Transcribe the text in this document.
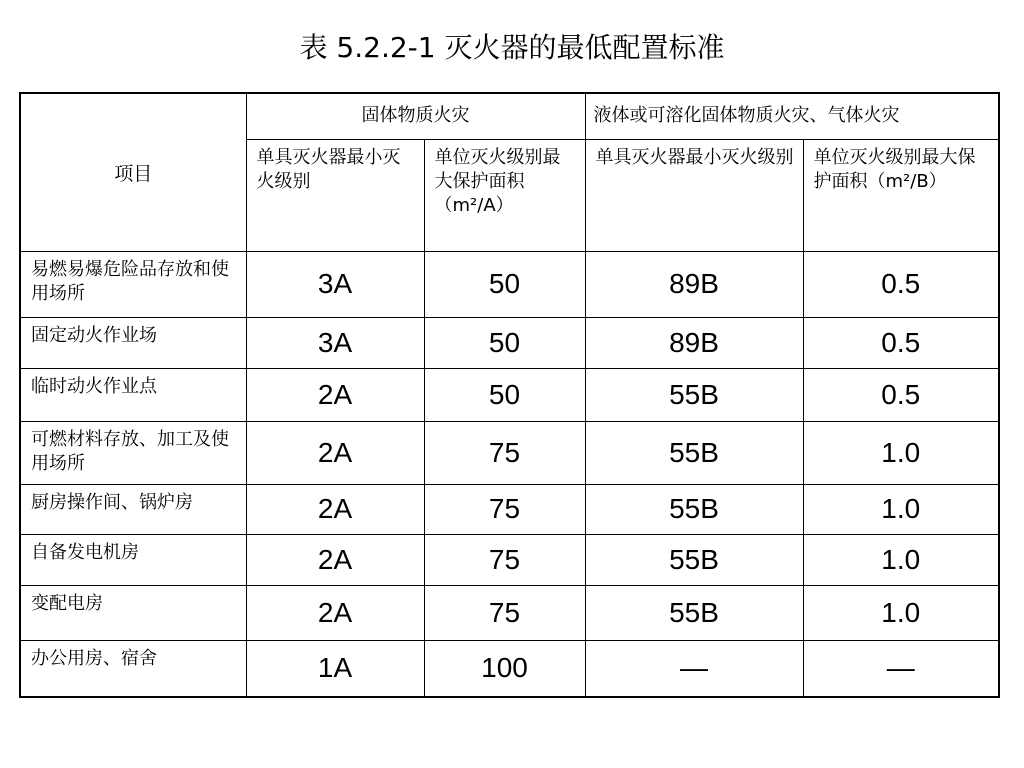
表 5.2.2-1 灭火器的最低配置标准
项目	固体物质火灾		液体或可溶化固体物质火灾、气体火灾	
	单具灭火器最小灭火级别	单位灭火级别最大保护面积（m²/A）	单具灭火器最小灭火级别	单位灭火级别最大保护面积（m²/B）
易燃易爆危险品存放和使用场所	3A	50	89B	0.5
固定动火作业场	3A	50	89B	0.5
临时动火作业点	2A	50	55B	0.5
可燃材料存放、加工及使用场所	2A	75	55B	1.0
厨房操作间、锅炉房	2A	75	55B	1.0
自备发电机房	2A	75	55B	1.0
变配电房	2A	75	55B	1.0
办公用房、宿舍	1A	100	—	—
